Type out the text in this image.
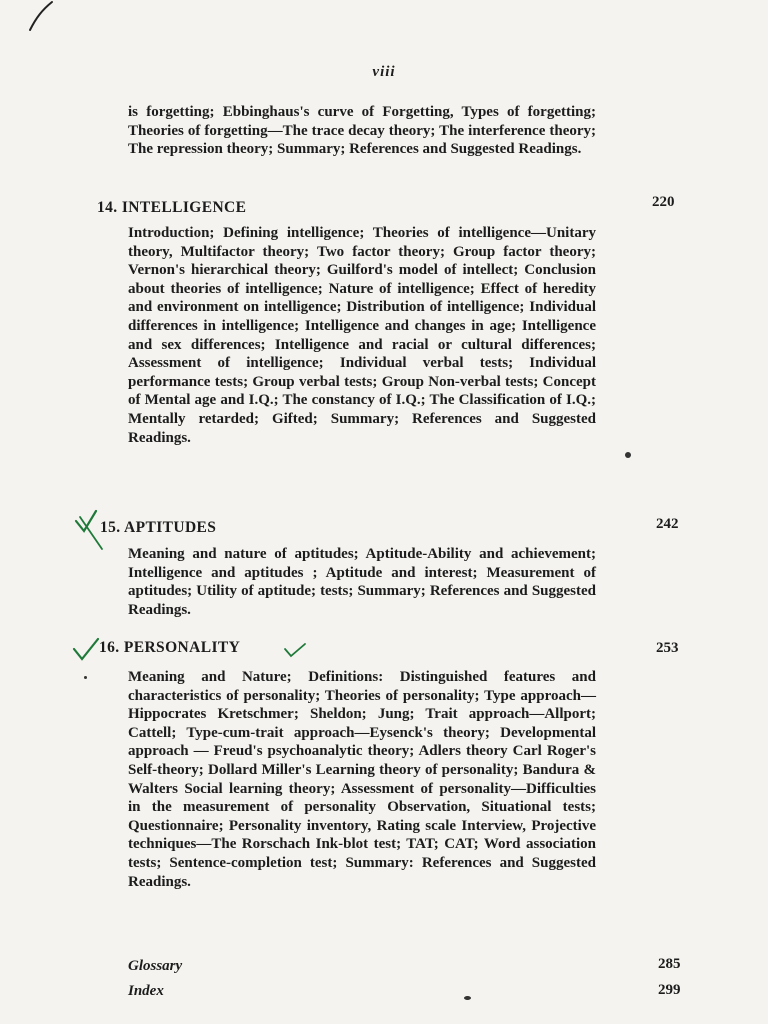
viii
is forgetting; Ebbinghaus's curve of Forgetting, Types of forgetting; Theories of forgetting—The trace decay theory; The interference theory; The repression theory; Summary; References and Suggested Readings.
14. INTELLIGENCE	220
Introduction; Defining intelligence; Theories of intelligence—Unitary theory, Multifactor theory; Two factor theory; Group factor theory; Vernon's hierarchical theory; Guilford's model of intellect; Conclusion about theories of intelligence; Nature of intelligence; Effect of heredity and environment on intelligence; Distribution of intelligence; Individual differences in intelligence; Intelligence and changes in age; Intelligence and sex differences; Intelligence and racial or cultural differences; Assessment of intelligence; Individual verbal tests; Individual performance tests; Group verbal tests; Group Non-verbal tests; Concept of Mental age and I.Q.; The constancy of I.Q.; The Classification of I.Q.; Mentally retarded; Gifted; Summary; References and Suggested Readings.
15. APTITUDES	242
Meaning and nature of aptitudes; Aptitude-Ability and achievement; Intelligence and aptitudes ; Aptitude and interest; Measurement of aptitudes; Utility of aptitude; tests; Summary; References and Suggested Readings.
16. PERSONALITY	253
Meaning and Nature; Definitions: Distinguished features and characteristics of personality; Theories of personality; Type approach—Hippocrates Kretschmer; Sheldon; Jung; Trait approach—Allport; Cattell; Type-cum-trait approach—Eysenck's theory; Developmental approach — Freud's psychoanalytic theory; Adlers theory Carl Roger's Self-theory; Dollard Miller's Learning theory of personality; Bandura & Walters Social learning theory; Assessment of personality—Difficulties in the measurement of personality Observation, Situational tests; Questionnaire; Personality inventory, Rating scale Interview, Projective techniques—The Rorschach Ink-blot test; TAT; CAT; Word association tests; Sentence-completion test; Summary: References and Suggested Readings.
Glossary	285
Index	299
